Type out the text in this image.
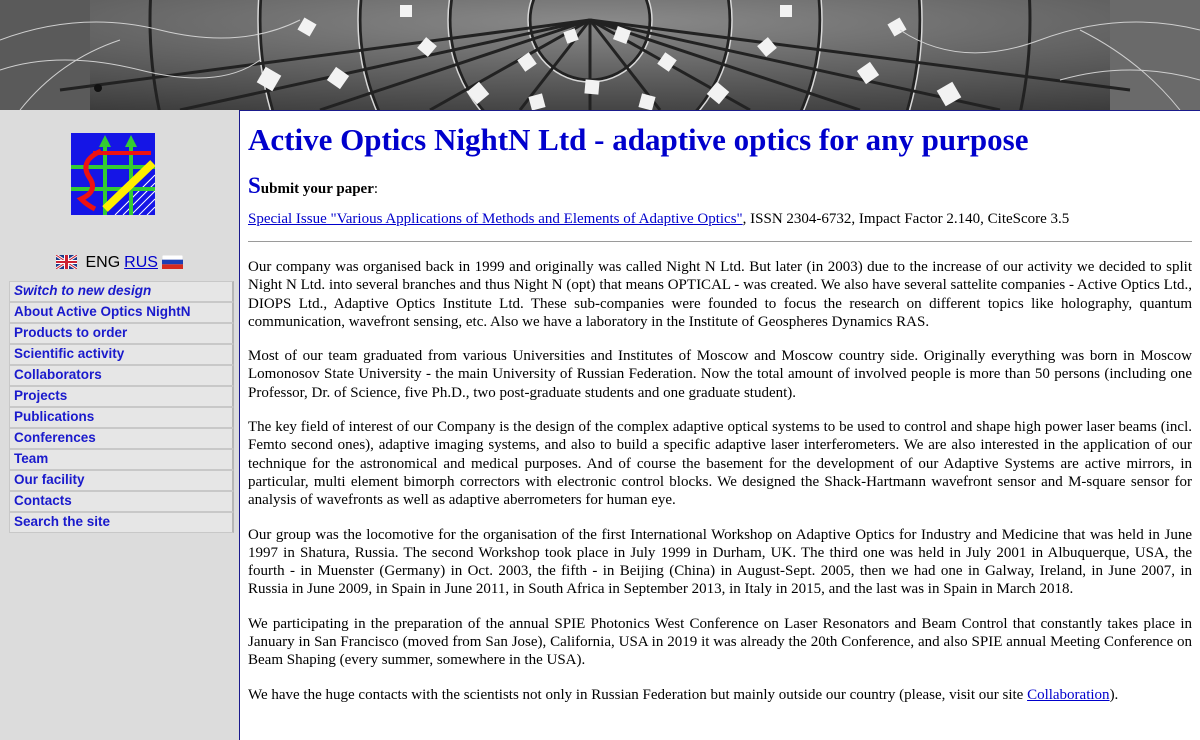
ENG RUS
Switch to new design
About Active Optics NightN
Products to order
Scientific activity
Collaborators
Projects
Publications
Conferences
Team
Our facility
Contacts
Search the site
Active Optics NightN Ltd - adaptive optics for any purpose
Submit your paper:
Special Issue "Various Applications of Methods and Elements of Adaptive Optics", ISSN 2304-6732, Impact Factor 2.140, CiteScore 3.5

Our company was organised back in 1999 and originally was called Night N Ltd. But later (in 2003) due to the increase of our activity we decided to split Night N Ltd. into several branches and thus Night N (opt) that means OPTICAL - was created. We also have several sattelite companies - Active Optics Ltd., DIOPS Ltd., Adaptive Optics Institute Ltd. These sub-companies were founded to focus the research on different topics like holography, quantum communication, wavefront sensing, etc. Also we have a laboratory in the Institute of Geospheres Dynamics RAS.

Most of our team graduated from various Universities and Institutes of Moscow and Moscow country side. Originally everything was born in Moscow Lomonosov State University - the main University of Russian Federation. Now the total amount of involved people is more than 50 persons (including one Professor, Dr. of Science, five Ph.D., two post-graduate students and one graduate student).

The key field of interest of our Company is the design of the complex adaptive optical systems to be used to control and shape high power laser beams (incl. Femto second ones), adaptive imaging systems, and also to build a specific adaptive laser interferometers. We are also interested in the application of our technique for the astronomical and medical purposes. And of course the basement for the development of our Adaptive Systems are active mirrors, in particular, multi element bimorph correctors with electronic control blocks. We designed the Shack-Hartmann wavefront sensor and M-square sensor for analysis of wavefronts as well as adaptive aberrometers for human eye.

Our group was the locomotive for the organisation of the first International Workshop on Adaptive Optics for Industry and Medicine that was held in June 1997 in Shatura, Russia. The second Workshop took place in July 1999 in Durham, UK. The third one was held in July 2001 in Albuquerque, USA, the fourth - in Muenster (Germany) in Oct. 2003, the fifth - in Beijing (China) in August-Sept. 2005, then we had one in Galway, Ireland, in June 2007, in Russia in June 2009, in Spain in June 2011, in South Africa in September 2013, in Italy in 2015, and the last was in Spain in March 2018.

We participating in the preparation of the annual SPIE Photonics West Conference on Laser Resonators and Beam Control that constantly takes place in January in San Francisco (moved from San Jose), California, USA in 2019 it was already the 20th Conference, and also SPIE annual Meeting Conference on Beam Shaping (every summer, somewhere in the USA).

We have the huge contacts with the scientists not only in Russian Federation but mainly outside our country (please, visit our site Collaboration).
